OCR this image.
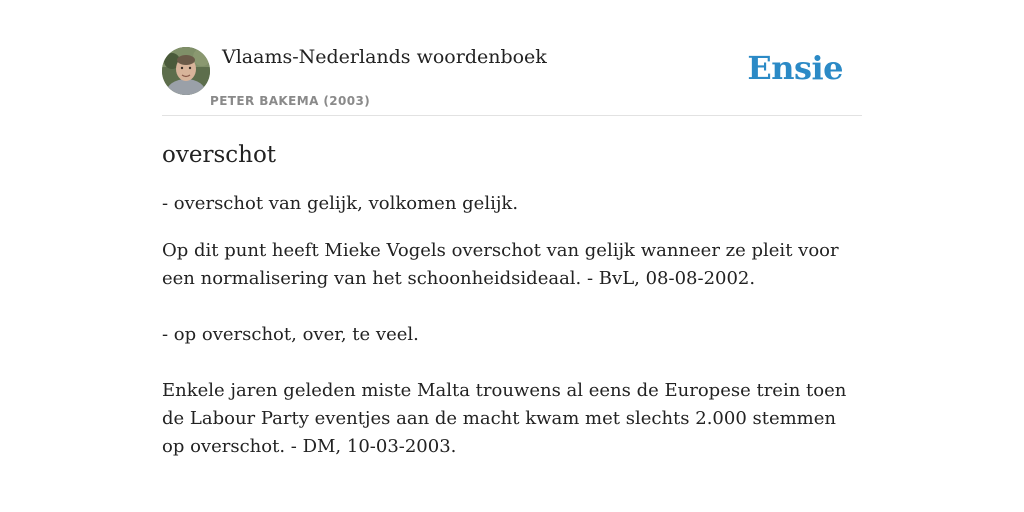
Vlaams-Nederlands woordenboek
PETER BAKEMA (2003)
Ensie
overschot

- overschot van gelijk, volkomen gelijk.

Op dit punt heeft Mieke Vogels overschot van gelijk wanneer ze pleit voor een normalisering van het schoonheidsideaal. - BvL, 08-08-2002.

- op overschot, over, te veel.

Enkele jaren geleden miste Malta trouwens al eens de Europese trein toen de Labour Party eventjes aan de macht kwam met slechts 2.000 stemmen op overschot. - DM, 10-03-2003.
